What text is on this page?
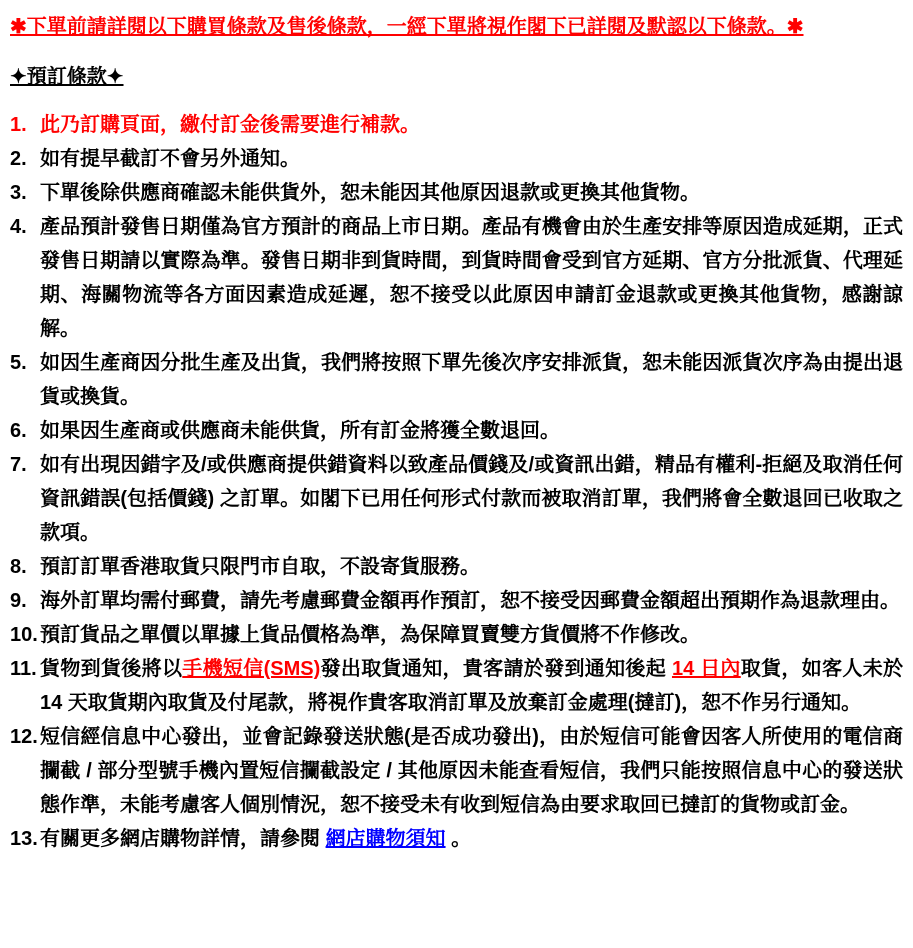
✱下單前請詳閱以下購買條款及售後條款，一經下單將視作閣下已詳閱及默認以下條款。✱
✦預訂條款✦
1. 此乃訂購頁面，繳付訂金後需要進行補款。
2. 如有提早截訂不會另外通知。
3. 下單後除供應商確認未能供貨外，恕未能因其他原因退款或更換其他貨物。
4. 產品預計發售日期僅為官方預計的商品上市日期。產品有機會由於生產安排等原因造成延期，正式發售日期請以實際為準。發售日期非到貨時間，到貨時間會受到官方延期、官方分批派貨、代理延期、海關物流等各方面因素造成延遲，恕不接受以此原因申請訂金退款或更換其他貨物，感謝諒解。
5. 如因生產商因分批生產及出貨，我們將按照下單先後次序安排派貨，恕未能因派貨次序為由提出退貨或換貨。
6. 如果因生產商或供應商未能供貨，所有訂金將獲全數退回。
7. 如有出現因錯字及/或供應商提供錯資料以致產品價錢及/或資訊出錯，精品有權利-拒絕及取消任何資訊錯誤(包括價錢) 之訂單。如閣下已用任何形式付款而被取消訂單，我們將會全數退回已收取之款項。
8. 預訂訂單香港取貨只限門市自取，不設寄貨服務。
9. 海外訂單均需付郵費，請先考慮郵費金額再作預訂，恕不接受因郵費金額超出預期作為退款理由。
10. 預訂貨品之單價以單據上貨品價格為準，為保障買賣雙方貨價將不作修改。
11. 貨物到貨後將以手機短信(SMS)發出取貨通知，貴客請於發到通知後起 14 日內取貨，如客人未於 14 天取貨期內取貨及付尾款，將視作貴客取消訂單及放棄訂金處理(撻訂)，恕不作另行通知。
12. 短信經信息中心發出，並會記錄發送狀態(是否成功發出)，由於短信可能會因客人所使用的電信商攔截 / 部分型號手機內置短信攔截設定 / 其他原因未能查看短信，我們只能按照信息中心的發送狀態作準，未能考慮客人個別情況，恕不接受未有收到短信為由要求取回已撻訂的貨物或訂金。
13. 有關更多網店購物詳情，請參閱 網店購物須知 。
